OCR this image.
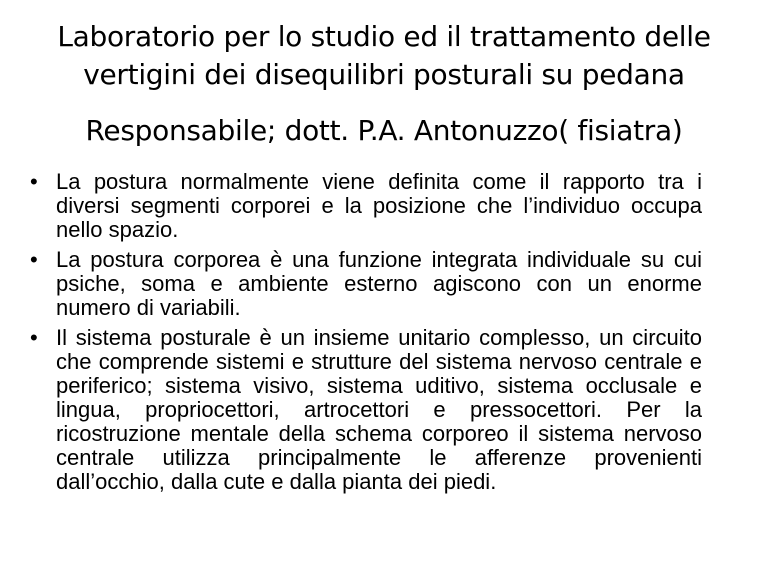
Laboratorio per lo studio ed il trattamento delle
vertigini dei disequilibri posturali su pedana
Responsabile; dott. P.A. Antonuzzo( fisiatra)
• La postura normalmente viene definita come il rapporto tra i diversi segmenti corporei e la posizione che l’individuo occupa nello spazio.
• La postura corporea è una funzione integrata individuale su cui psiche, soma e ambiente esterno agiscono con un enorme numero di variabili.
• Il sistema posturale è un insieme unitario complesso, un circuito che comprende sistemi e strutture del sistema nervoso centrale e periferico; sistema visivo, sistema uditivo, sistema occlusale e lingua, propriocettori, artrocettori e pressocettori. Per la ricostruzione mentale della schema corporeo il sistema nervoso centrale utilizza principalmente le afferenze provenienti dall’occhio, dalla cute e dalla pianta dei piedi.
